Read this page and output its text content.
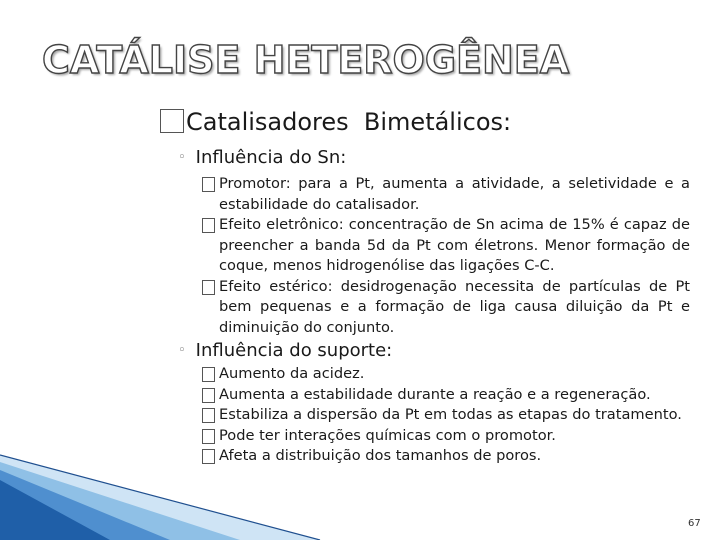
CATÁLISE HETEROGÊNEA
Catalisadores  Bimetálicos:
◦ Influência do Sn:
Promotor: para a Pt, aumenta a atividade, a seletividade e a estabilidade do catalisador.
Efeito eletrônico: concentração de Sn acima de 15% é capaz de preencher a banda 5d da Pt com életrons. Menor formação de coque, menos hidrogenólise das ligações C-C.
Efeito estérico: desidrogenação necessita de partículas de Pt bem pequenas e a formação de liga causa diluição da Pt e diminuição do conjunto.
◦ Influência do suporte:
Aumento da acidez.
Aumenta a estabilidade durante a reação e a regeneração.
Estabiliza a dispersão da Pt em todas as etapas do tratamento.
Pode ter interações químicas com o promotor.
Afeta a distribuição dos tamanhos de poros.
67
